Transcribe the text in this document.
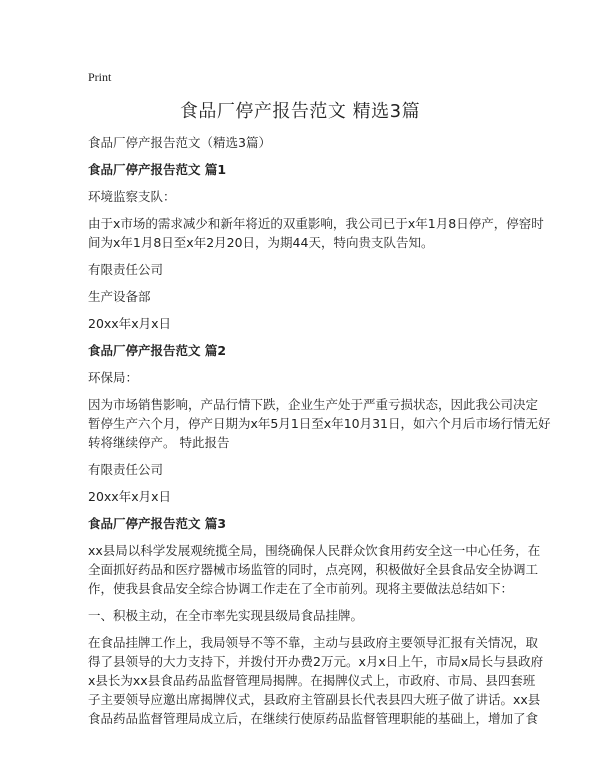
Print
食品厂停产报告范文 精选3篇

食品厂停产报告范文（精选3篇）

食品厂停产报告范文 篇1

环境监察支队：

由于x市场的需求减少和新年将近的双重影响，我公司已于x年1月8日停产，停窑时
间为x年1月8日至x年2月20日，为期44天，特向贵支队告知。

有限责任公司

生产设备部

20xx年x月x日

食品厂停产报告范文 篇2

环保局：

因为市场销售影响，产品行情下跌，企业生产处于严重亏损状态，因此我公司决定
暂停生产六个月，停产日期为x年5月1日至x年10月31日，如六个月后市场行情无好
转将继续停产。 特此报告

有限责任公司

20xx年x月x日

食品厂停产报告范文 篇3

xx县局以科学发展观统揽全局，围绕确保人民群众饮食用药安全这一中心任务，在
全面抓好药品和医疗器械市场监管的同时，点亮网，积极做好全县食品安全协调工
作，使我县食品安全综合协调工作走在了全市前列。现将主要做法总结如下：

一、积极主动，在全市率先实现县级局食品挂牌。

在食品挂牌工作上，我局领导不等不靠，主动与县政府主要领导汇报有关情况，取
得了县领导的大力支持下，并拨付开办费2万元。x月x日上午，市局x局长与县政府
x县长为xx县食品药品监督管理局揭牌。在揭牌仪式上，市政府、市局、县四套班
子主要领导应邀出席揭牌仪式，县政府主管副县长代表县四大班子做了讲话。xx县
食品药品监督管理局成立后，在继续行使原药品监督管理职能的基础上，增加了食
